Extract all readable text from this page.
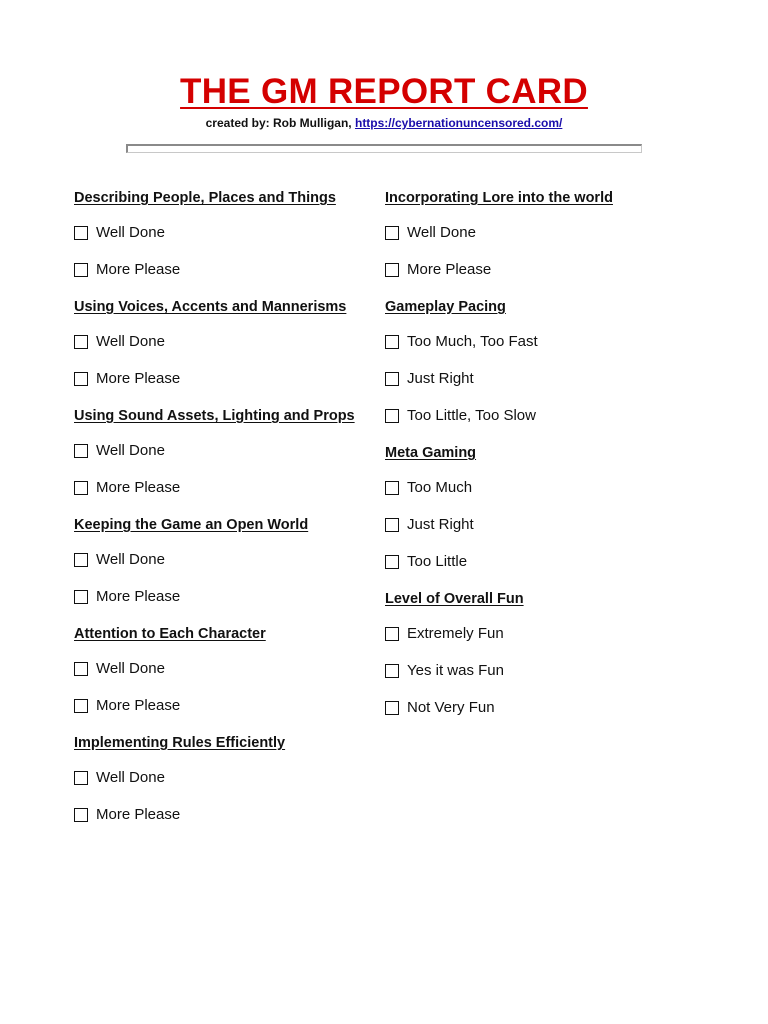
THE GM REPORT CARD
created by: Rob Mulligan, https://cybernationuncensored.com/
Describing People, Places and Things
Well Done
More Please
Using Voices, Accents and Mannerisms
Well Done
More Please
Using Sound Assets, Lighting and Props
Well Done
More Please
Keeping the Game an Open World
Well Done
More Please
Attention to Each Character
Well Done
More Please
Implementing Rules Efficiently
Well Done
More Please
Incorporating Lore into the world
Well Done
More Please
Gameplay Pacing
Too Much, Too Fast
Just Right
Too Little, Too Slow
Meta Gaming
Too Much
Just Right
Too Little
Level of Overall Fun
Extremely Fun
Yes it was Fun
Not Very Fun
